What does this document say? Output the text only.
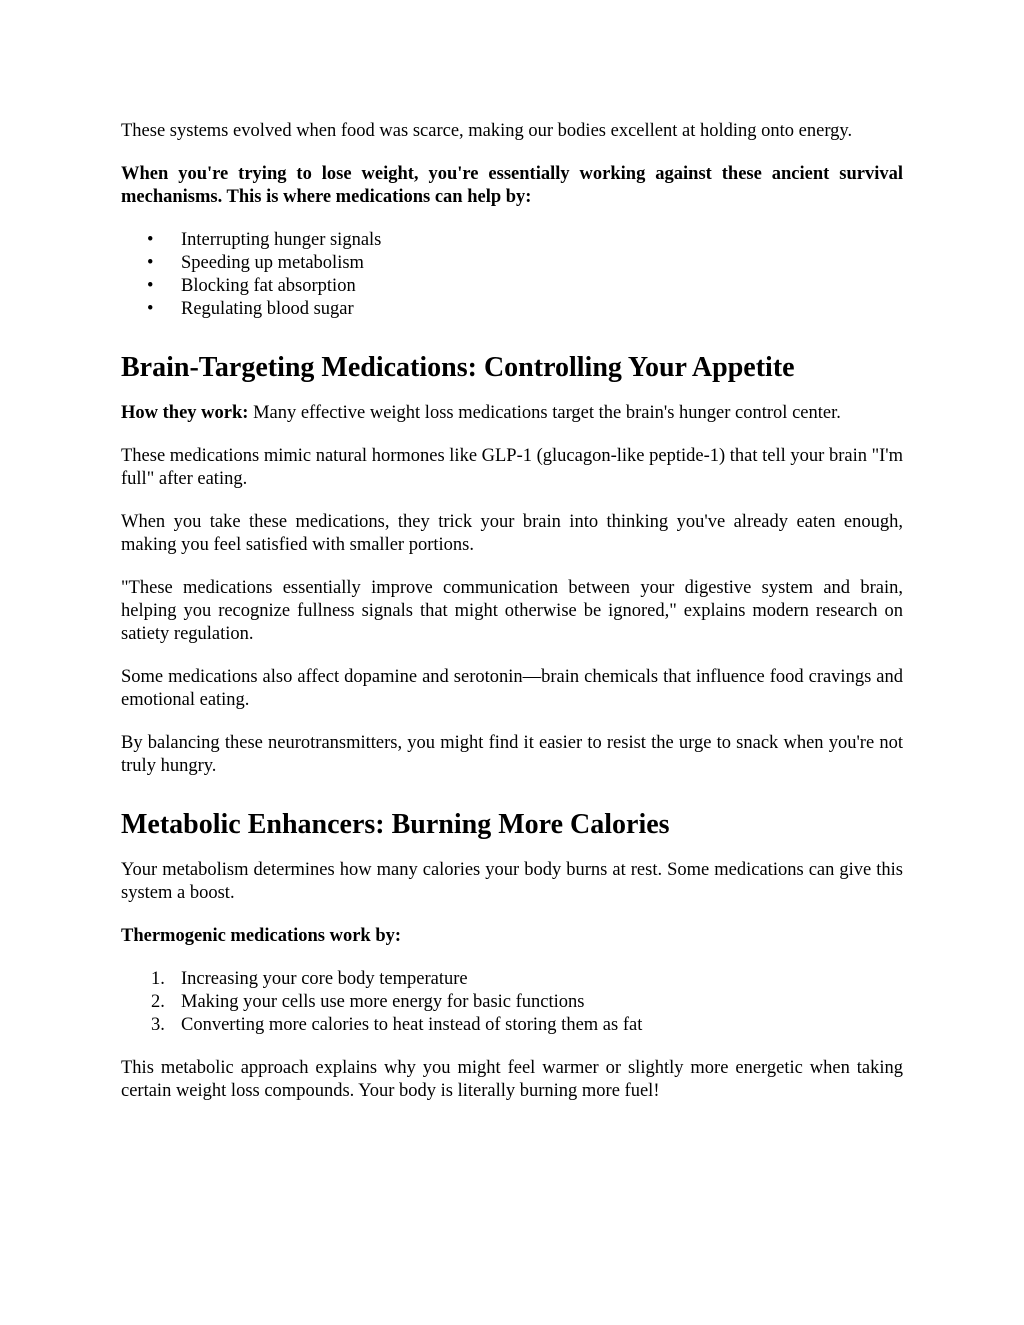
These systems evolved when food was scarce, making our bodies excellent at holding onto energy.

When you're trying to lose weight, you're essentially working against these ancient survival mechanisms. This is where medications can help by:

• Interrupting hunger signals
• Speeding up metabolism
• Blocking fat absorption
• Regulating blood sugar
Brain-Targeting Medications: Controlling Your Appetite

How they work: Many effective weight loss medications target the brain's hunger control center.

These medications mimic natural hormones like GLP-1 (glucagon-like peptide-1) that tell your brain "I'm full" after eating.

When you take these medications, they trick your brain into thinking you've already eaten enough, making you feel satisfied with smaller portions.

"These medications essentially improve communication between your digestive system and brain, helping you recognize fullness signals that might otherwise be ignored," explains modern research on satiety regulation.

Some medications also affect dopamine and serotonin—brain chemicals that influence food cravings and emotional eating.

By balancing these neurotransmitters, you might find it easier to resist the urge to snack when you're not truly hungry.

Metabolic Enhancers: Burning More Calories

Your metabolism determines how many calories your body burns at rest. Some medications can give this system a boost.

Thermogenic medications work by:

1. Increasing your core body temperature
2. Making your cells use more energy for basic functions
3. Converting more calories to heat instead of storing them as fat

This metabolic approach explains why you might feel warmer or slightly more energetic when taking certain weight loss compounds. Your body is literally burning more fuel!
